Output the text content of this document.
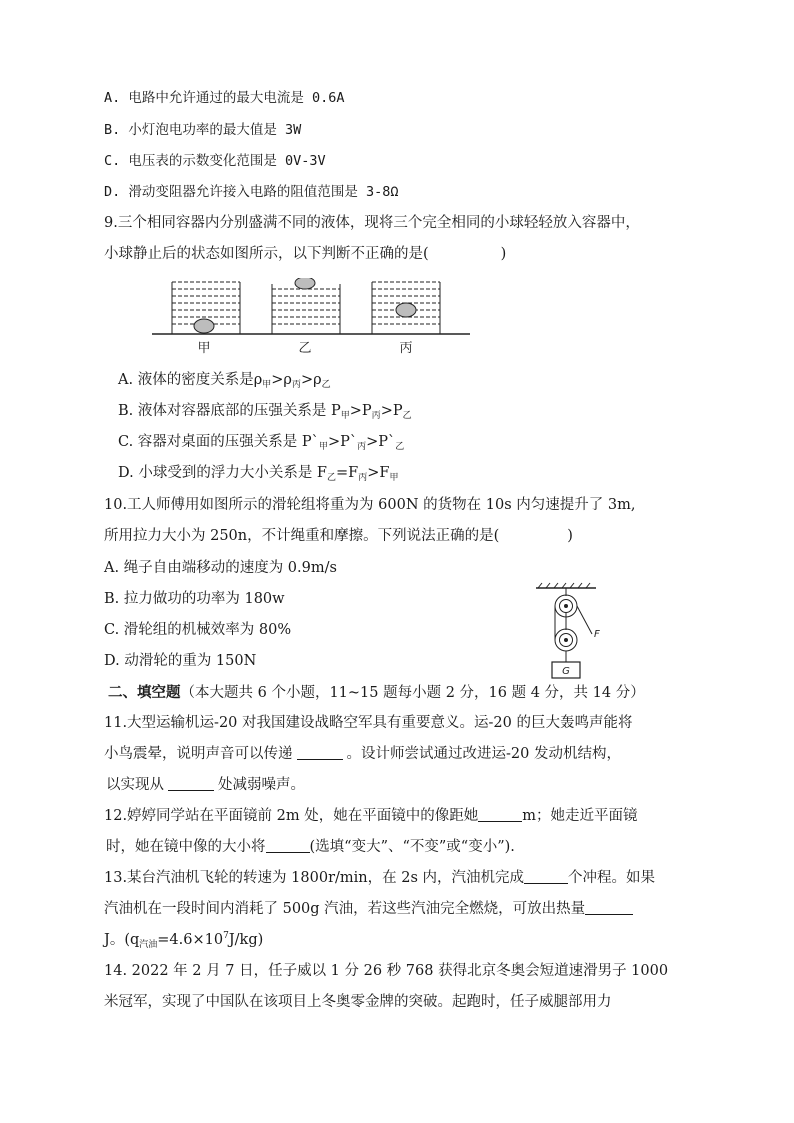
A. 电路中允许通过的最大电流是 0.6A
B. 小灯泡电功率的最大值是 3W
C. 电压表的示数变化范围是 0V-3V
D. 滑动变阻器允许接入电路的阻值范围是 3-8Ω
9.三个相同容器内分别盛满不同的液体，现将三个完全相同的小球轻轻放入容器中，
小球静止后的状态如图所示，以下判断不正确的是(	)
甲	乙	丙
A. 液体的密度关系是$\rho_甲>\rho_丙>\rho_乙$
B. 液体对容器底部的压强关系是 $P_甲>P_丙>P_乙$
C. 容器对桌面的压强关系是 $P`_甲>P`_丙>P`_乙$
D. 小球受到的浮力大小关系是 $F_乙=F_丙>F_甲$
10.工人师傅用如图所示的滑轮组将重为为 600N 的货物在 10s 内匀速提升了 3m,
所用拉力大小为 250n，不计绳重和摩擦。下列说法正确的是(	)
A. 绳子自由端移动的速度为 0.9m/s
B. 拉力做功的功率为 180w
C. 滑轮组的机械效率为 80%
D. 动滑轮的重为 150N
F
G
二、填空题（本大题共 6 个小题，11~15 题每小题 2 分，16 题 4 分，共 14 分）
11.大型运输机运-20 对我国建设战略空军具有重要意义。运-20 的巨大轰鸣声能将
小鸟震晕，说明声音可以传递	。设计师尝试通过改进运-20 发动机结构，
以实现从	处减弱噪声。
12.婷婷同学站在平面镜前 2m 处，她在平面镜中的像距她	m；她走近平面镜
时，她在镜中像的大小将	(选填“变大”、“不变”或“变小”).
13.某台汽油机飞轮的转速为 1800r/min，在 2s 内，汽油机完成	个冲程。如果
汽油机在一段时间内消耗了 500g 汽油，若这些汽油完全燃烧，可放出热量
J。$(q_{汽油}=4.6\times 10^7J/kg)$
14. 2022 年 2 月 7 日，任子威以 1 分 26 秒 768 获得北京冬奥会短道速滑男子 1000
米冠军，实现了中国队在该项目上冬奥零金牌的突破。起跑时，任子威腿部用力
